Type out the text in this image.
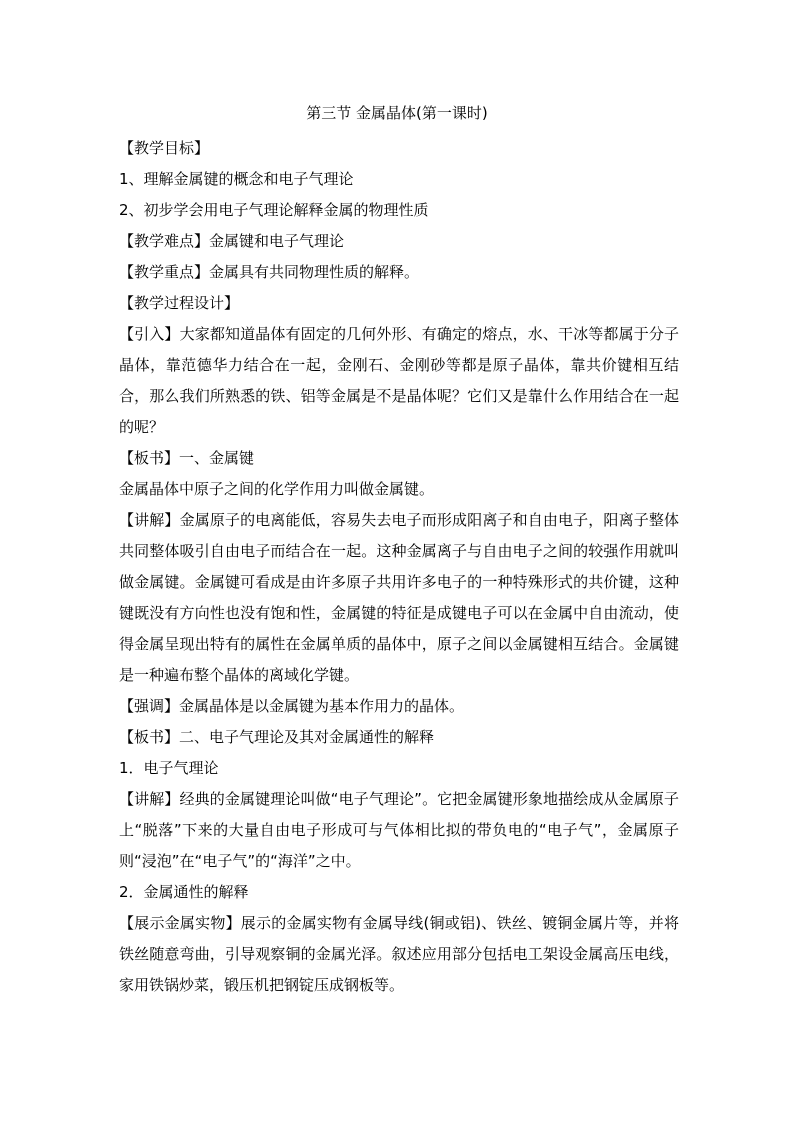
第三节 金属晶体(第一课时)

【教学目标】

1、理解金属键的概念和电子气理论

2、初步学会用电子气理论解释金属的物理性质

【教学难点】金属键和电子气理论

【教学重点】金属具有共同物理性质的解释。

【教学过程设计】

【引入】大家都知道晶体有固定的几何外形、有确定的熔点，水、干冰等都属于分子晶体，靠范德华力结合在一起，金刚石、金刚砂等都是原子晶体，靠共价键相互结合，那么我们所熟悉的铁、铝等金属是不是晶体呢？它们又是靠什么作用结合在一起的呢？

【板书】一、金属键

金属晶体中原子之间的化学作用力叫做金属键。

【讲解】金属原子的电离能低，容易失去电子而形成阳离子和自由电子，阳离子整体共同整体吸引自由电子而结合在一起。这种金属离子与自由电子之间的较强作用就叫做金属键。金属键可看成是由许多原子共用许多电子的一种特殊形式的共价键，这种键既没有方向性也没有饱和性，金属键的特征是成键电子可以在金属中自由流动，使得金属呈现出特有的属性在金属单质的晶体中，原子之间以金属键相互结合。金属键是一种遍布整个晶体的离域化学键。

【强调】金属晶体是以金属键为基本作用力的晶体。

【板书】二、电子气理论及其对金属通性的解释

1．电子气理论

【讲解】经典的金属键理论叫做“电子气理论”。它把金属键形象地描绘成从金属原子上“脱落”下来的大量自由电子形成可与气体相比拟的带负电的“电子气”，金属原子则“浸泡”在“电子气”的“海洋”之中。

2．金属通性的解释

【展示金属实物】展示的金属实物有金属导线(铜或铝)、铁丝、镀铜金属片等，并将铁丝随意弯曲，引导观察铜的金属光泽。叙述应用部分包括电工架设金属高压电线，家用铁锅炒菜，锻压机把钢锭压成钢板等。
